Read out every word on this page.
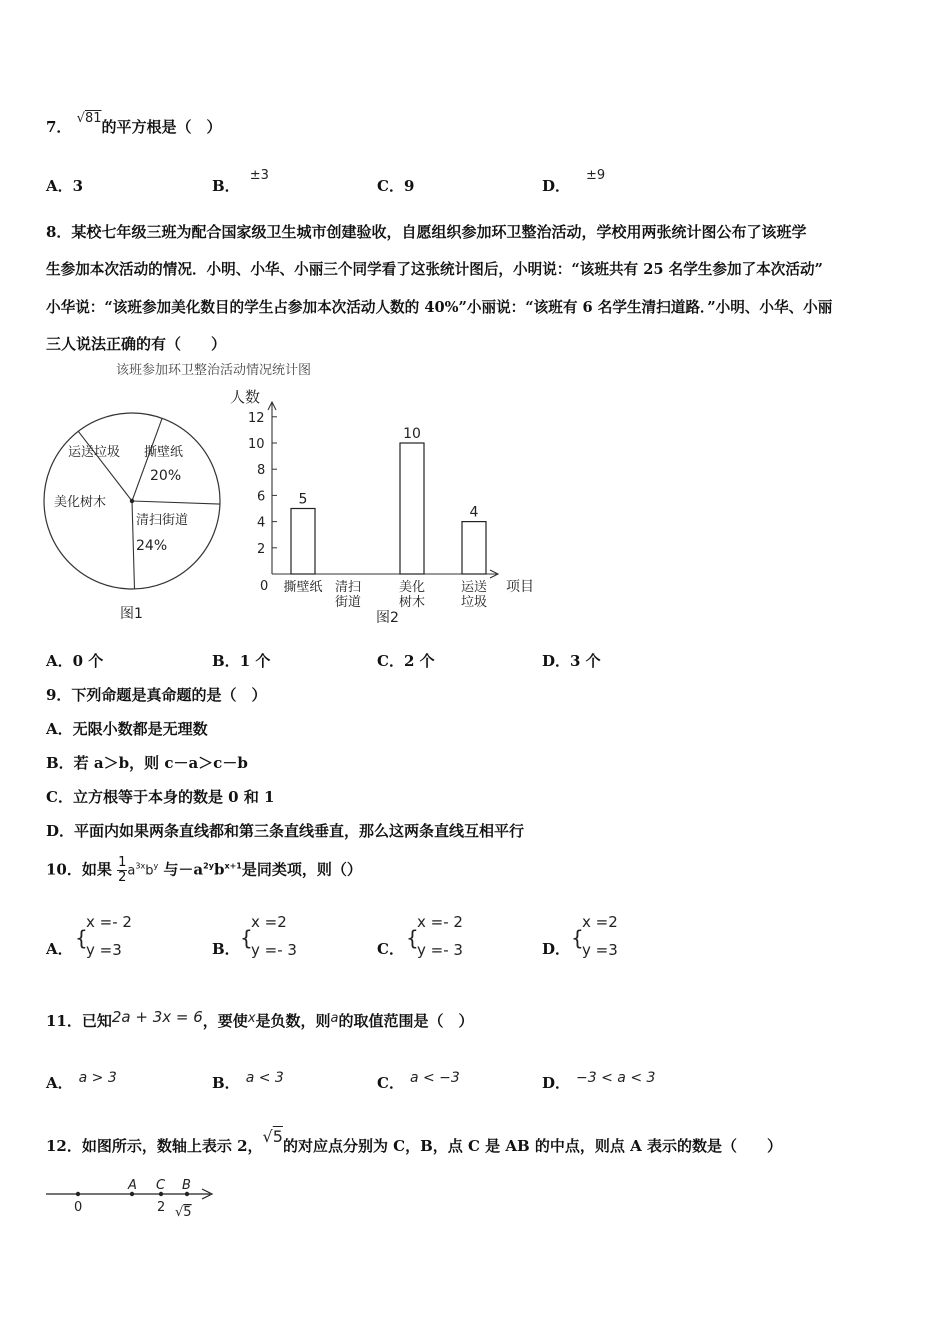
7． √81的平方根是（　）
A．3	B．±3
C．9	D．±9
8．某校七年级三班为配合国家级卫生城市创建验收，自愿组织参加环卫整治活动，学校用两张统计图公布了该班学
生参加本次活动的情况．小明、小华、小丽三个同学看了这张统计图后，小明说：“该班共有 25 名学生参加了本次活动”
小华说：“该班参加美化数目的学生占参加本次活动人数的 40%”小丽说：“该班有 6 名学生清扫道路．”小明、小华、小丽
三人说法正确的有（　　）
该班参加环卫整治活动情况统计图
撕壁纸
20%
清扫街道
24%
美化树木
运送垃圾
图1
人数
项目
0
2
4
6
8
10
12
5
撕壁纸 清扫
街道
10
美化
树木
4
运送
垃圾
图2
A．0 个	B．1 个	C．2 个	D．3 个
9．下列命题是真命题的是（　）
A．无限小数都是无理数
B．若 a＞b，则 c－a＞c－b
C．立方根等于本身的数是 0 和 1
D．平面内如果两条直线都和第三条直线垂直，那么这两条直线互相平行
10．如果 $\frac{1}{2} a^{3x}b^y$ 与$-a^{2y}b^{x+1}$是同类项，则（）
A． {
x =- 2
y =3	B． {
x =2
y =- 3	C． {
x =- 2
y =- 3	D． {
x =2
y =3
11．已知2a + 3x = 6，要使x是负数，则a的取值范围是（　）
A． a > 3	B． a < 3	C． a < −3	D． −3 < a < 3
12．如图所示，数轴上表示 2，√5的对应点分别为 C，B，点 C 是 AB 的中点，则点 A 表示的数是（　　）
A C B
0	2 √5
